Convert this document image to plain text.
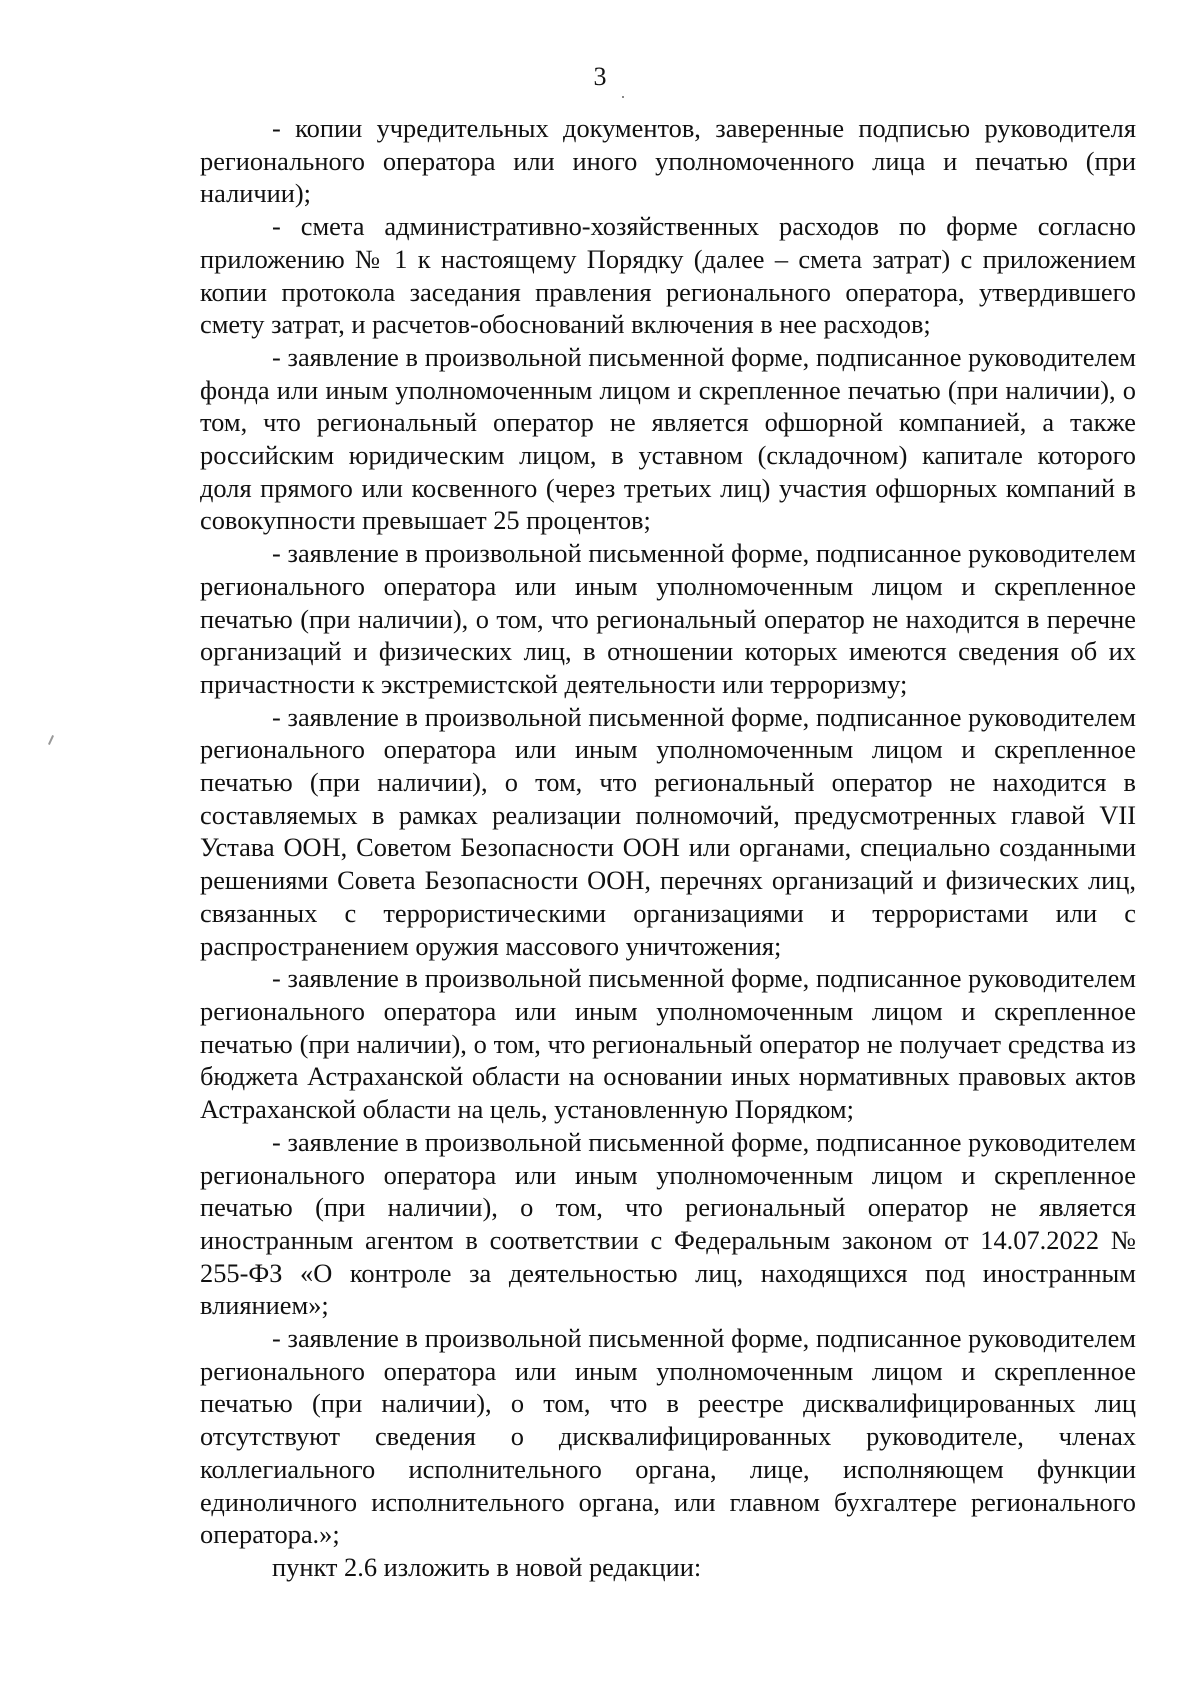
3

- копии учредительных документов, заверенные подписью руководителя регионального оператора или иного уполномоченного лица и печатью (при наличии);

- смета административно-хозяйственных расходов по форме согласно приложению № 1 к настоящему Порядку (далее – смета затрат) с приложением копии протокола заседания правления регионального оператора, утвердившего смету затрат, и расчетов-обоснований включения в нее расходов;

- заявление в произвольной письменной форме, подписанное руководителем фонда или иным уполномоченным лицом и скрепленное печатью (при наличии), о том, что региональный оператор не является офшорной компанией, а также российским юридическим лицом, в уставном (складочном) капитале которого доля прямого или косвенного (через третьих лиц) участия офшорных компаний в совокупности превышает 25 процентов;

- заявление в произвольной письменной форме, подписанное руководителем регионального оператора или иным уполномоченным лицом и скрепленное печатью (при наличии), о том, что региональный оператор не находится в перечне организаций и физических лиц, в отношении которых имеются сведения об их причастности к экстремистской деятельности или терроризму;

- заявление в произвольной письменной форме, подписанное руководителем регионального оператора или иным уполномоченным лицом и скрепленное печатью (при наличии), о том, что региональный оператор не находится в составляемых в рамках реализации полномочий, предусмотренных главой VII Устава ООН, Советом Безопасности ООН или органами, специально созданными решениями Совета Безопасности ООН, перечнях организаций и физических лиц, связанных с террористическими организациями и террористами или с распространением оружия массового уничтожения;

- заявление в произвольной письменной форме, подписанное руководителем регионального оператора или иным уполномоченным лицом и скрепленное печатью (при наличии), о том, что региональный оператор не получает средства из бюджета Астраханской области на основании иных нормативных правовых актов Астраханской области на цель, установленную Порядком;

- заявление в произвольной письменной форме, подписанное руководителем регионального оператора или иным уполномоченным лицом и скрепленное печатью (при наличии), о том, что региональный оператор не является иностранным агентом в соответствии с Федеральным законом от 14.07.2022 № 255-ФЗ «О контроле за деятельностью лиц, находящихся под иностранным влиянием»;

- заявление в произвольной письменной форме, подписанное руководителем регионального оператора или иным уполномоченным лицом и скрепленное печатью (при наличии), о том, что в реестре дисквалифицированных лиц отсутствуют сведения о дисквалифицированных руководителе, членах коллегиального исполнительного органа, лице, исполняющем функции единоличного исполнительного органа, или главном бухгалтере регионального оператора.»;

пункт 2.6 изложить в новой редакции:
